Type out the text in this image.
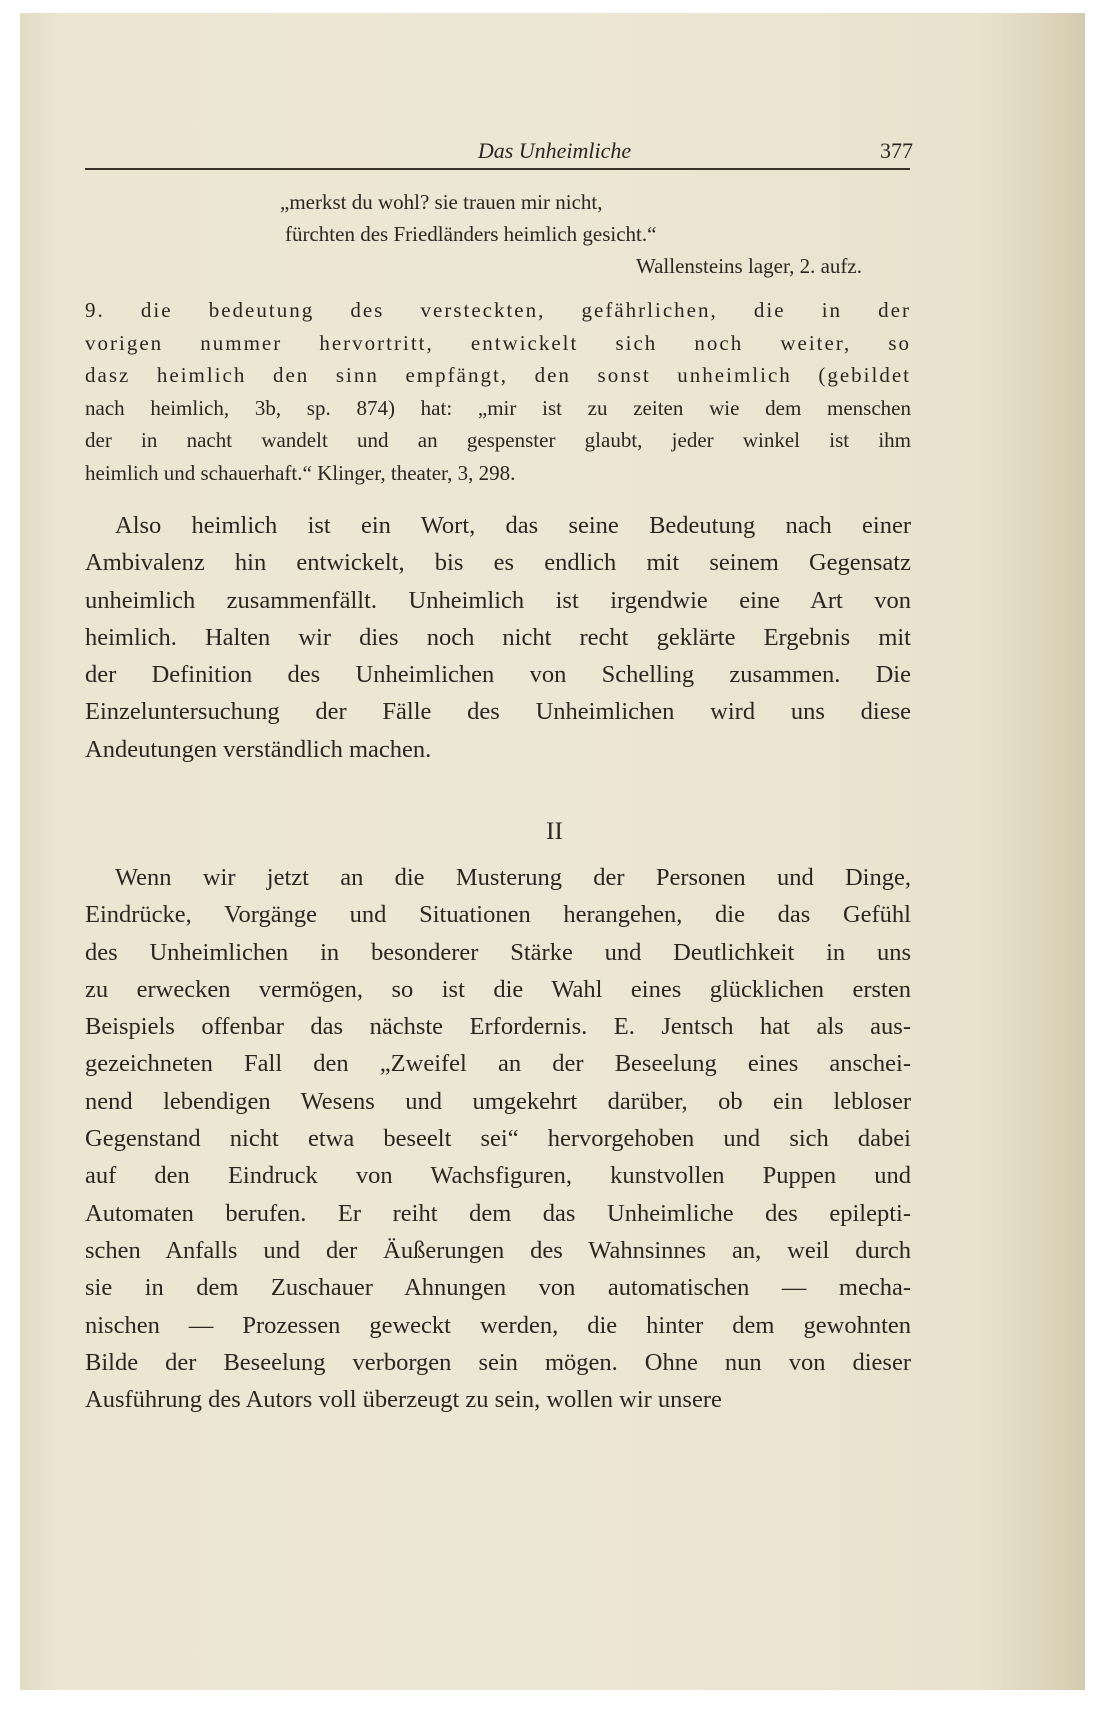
Das Unheimliche	377
„merkst du wohl? sie trauen mir nicht,
fürchten des Friedländers heimlich gesicht.“
Wallensteins lager, 2. aufz.
9. die bedeutung des versteckten, gefährlichen, die in der
vorigen nummer hervortritt, entwickelt sich noch weiter, so
dasz heimlich den sinn empfängt, den sonst unheimlich (gebildet
nach heimlich, 3b, sp. 874) hat: „mir ist zu zeiten wie dem menschen
der in nacht wandelt und an gespenster glaubt, jeder winkel ist ihm
heimlich und schauerhaft.“ Klinger, theater, 3, 298.
Also heimlich ist ein Wort, das seine Bedeutung nach einer
Ambivalenz hin entwickelt, bis es endlich mit seinem Gegensatz
unheimlich zusammenfällt. Unheimlich ist irgendwie eine Art von
heimlich. Halten wir dies noch nicht recht geklärte Ergebnis mit
der Definition des Unheimlichen von Schelling zusammen. Die
Einzeluntersuchung der Fälle des Unheimlichen wird uns diese
Andeutungen verständlich machen.
II
Wenn wir jetzt an die Musterung der Personen und Dinge,
Eindrücke, Vorgänge und Situationen herangehen, die das Gefühl
des Unheimlichen in besonderer Stärke und Deutlichkeit in uns
zu erwecken vermögen, so ist die Wahl eines glücklichen ersten
Beispiels offenbar das nächste Erfordernis. E. Jentsch hat als aus-
gezeichneten Fall den „Zweifel an der Beseelung eines anschei-
nend lebendigen Wesens und umgekehrt darüber, ob ein lebloser
Gegenstand nicht etwa beseelt sei“ hervorgehoben und sich dabei
auf den Eindruck von Wachsfiguren, kunstvollen Puppen und
Automaten berufen. Er reiht dem das Unheimliche des epilepti-
schen Anfalls und der Äußerungen des Wahnsinnes an, weil durch
sie in dem Zuschauer Ahnungen von automatischen — mecha-
nischen — Prozessen geweckt werden, die hinter dem gewohnten
Bilde der Beseelung verborgen sein mögen. Ohne nun von dieser
Ausführung des Autors voll überzeugt zu sein, wollen wir unsere
